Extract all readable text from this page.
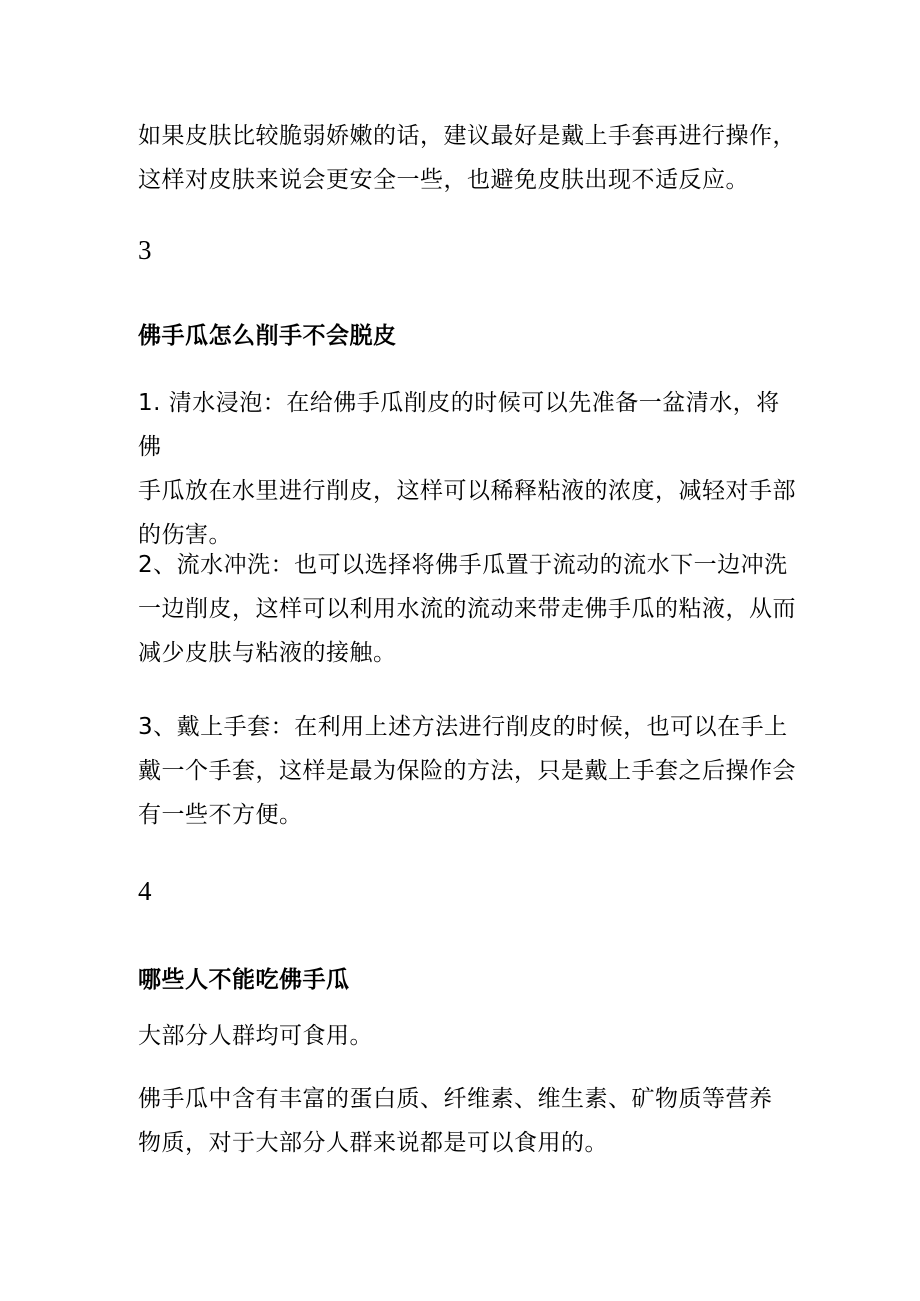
如果皮肤比较脆弱娇嫩的话，建议最好是戴上手套再进行操作，
这样对皮肤来说会更安全一些，也避免皮肤出现不适反应。

3

佛手瓜怎么削手不会脱皮

1. 清水浸泡：在给佛手瓜削皮的时候可以先准备一盆清水，将佛
手瓜放在水里进行削皮，这样可以稀释粘液的浓度，减轻对手部
的伤害。

2、流水冲洗：也可以选择将佛手瓜置于流动的流水下一边冲洗
一边削皮，这样可以利用水流的流动来带走佛手瓜的粘液，从而
减少皮肤与粘液的接触。

3、戴上手套：在利用上述方法进行削皮的时候，也可以在手上
戴一个手套，这样是最为保险的方法，只是戴上手套之后操作会
有一些不方便。

4

哪些人不能吃佛手瓜

大部分人群均可食用。

佛手瓜中含有丰富的蛋白质、纤维素、维生素、矿物质等营养
物质，对于大部分人群来说都是可以食用的。
